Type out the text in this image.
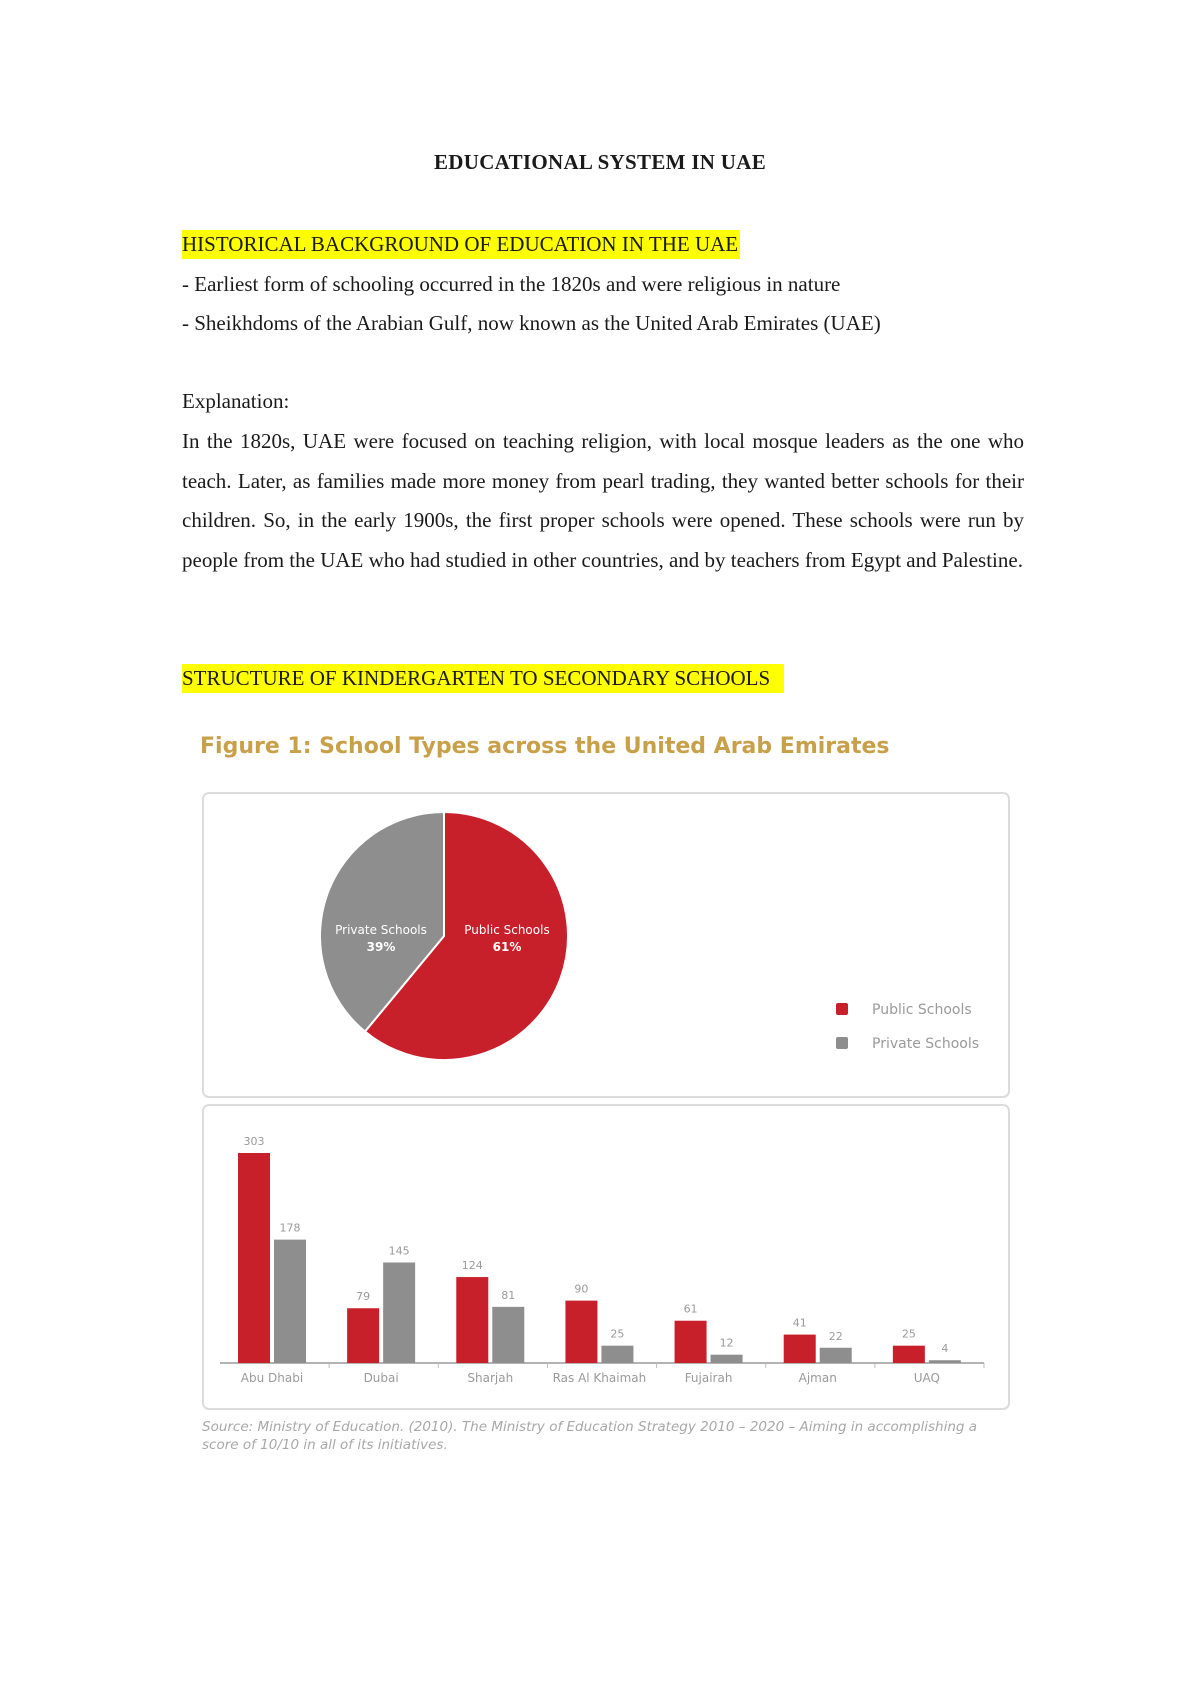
EDUCATIONAL SYSTEM IN UAE
HISTORICAL BACKGROUND OF EDUCATION IN THE UAE
- Earliest form of schooling occurred in the 1820s and were religious in nature
- Sheikhdoms of the Arabian Gulf, now known as the United Arab Emirates (UAE)
Explanation:
In the 1820s, UAE were focused on teaching religion, with local mosque leaders as the one who teach. Later, as families made more money from pearl trading, they wanted better schools for their children. So, in the early 1900s, the first proper schools were opened. These schools were run by people from the UAE who had studied in other countries, and by teachers from Egypt and Palestine.
STRUCTURE OF KINDERGARTEN TO SECONDARY SCHOOLS
Figure 1: School Types across the United Arab Emirates
Public Schools
61%
Private Schools
39%
Public Schools
Private Schools
303
178
Abu Dhabi
79
145
Dubai
124
81
Sharjah
90
25
Ras Al Khaimah
61
12
Fujairah
41
22
Ajman
25
4
UAQ
Source: Ministry of Education. (2010). The Ministry of Education Strategy 2010 – 2020 – Aiming in accomplishing a score of 10/10 in all of its initiatives.
